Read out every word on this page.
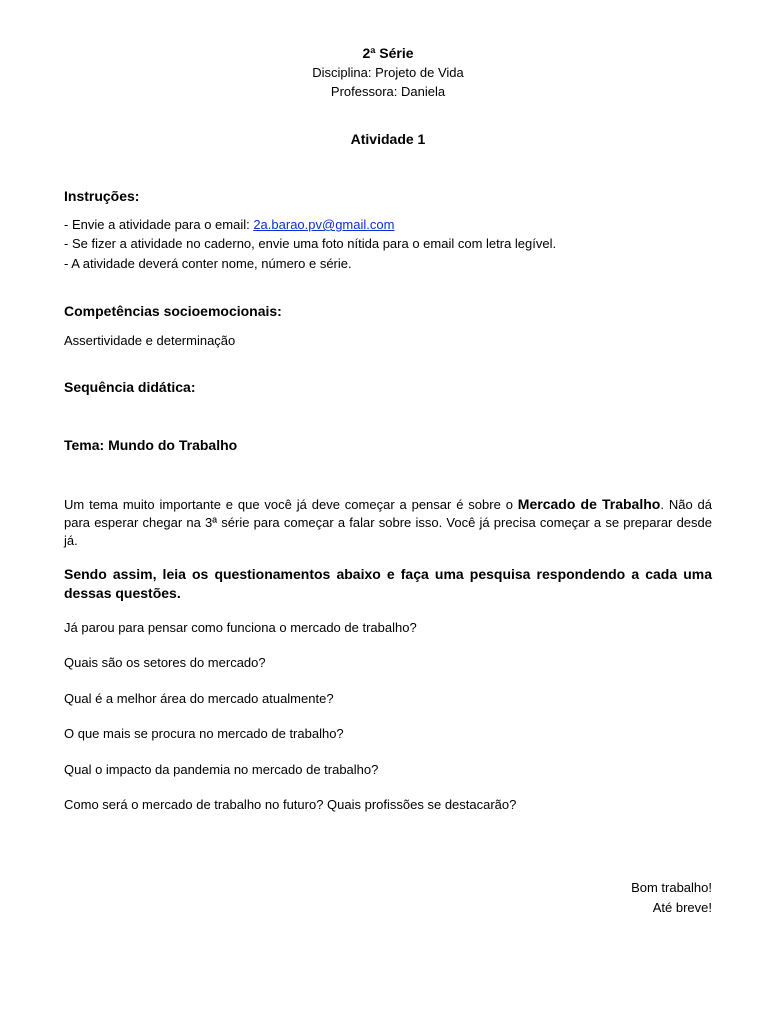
2ª Série

Disciplina: Projeto de Vida

Professora: Daniela

Atividade 1

Instruções:

- Envie a atividade para o email: 2a.barao.pv@gmail.com

- Se fizer a atividade no caderno, envie uma foto nítida para o email com letra legível.

- A atividade deverá conter nome, número e série.

Competências socioemocionais:

Assertividade e determinação

Sequência didática:

Tema: Mundo do Trabalho

Um tema muito importante e que você já deve começar a pensar é sobre o Mercado de Trabalho. Não dá para esperar chegar na 3ª série para começar a falar sobre isso. Você já precisa começar a se preparar desde já.

Sendo assim, leia os questionamentos abaixo e faça uma pesquisa respondendo a cada uma dessas questões.

Já parou para pensar como funciona o mercado de trabalho?

Quais são os setores do mercado?

Qual é a melhor área do mercado atualmente?

O que mais se procura no mercado de trabalho?

Qual o impacto da pandemia no mercado de trabalho?

Como será o mercado de trabalho no futuro? Quais profissões se destacarão?

Bom trabalho!

Até breve!
